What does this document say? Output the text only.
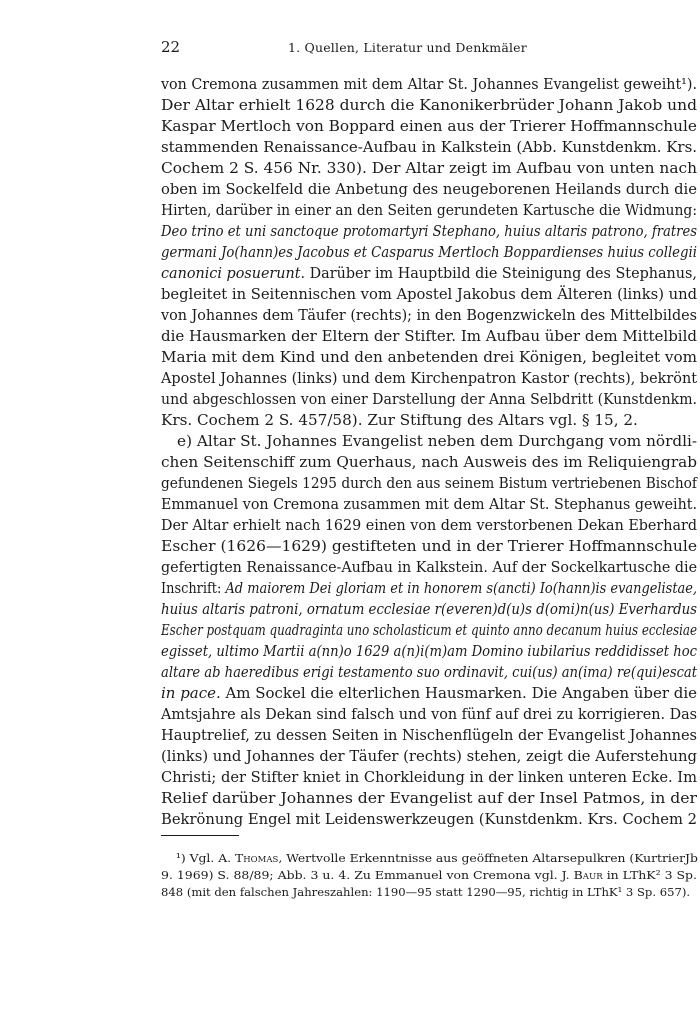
22	1. Quellen, Literatur und Denkmäler
von Cremona zusammen mit dem Altar St. Johannes Evangelist geweiht¹).
Der Altar erhielt 1628 durch die Kanonikerbrüder Johann Jakob und
Kaspar Mertloch von Boppard einen aus der Trierer Hoffmannschule
stammenden Renaissance-Aufbau in Kalkstein (Abb. Kunstdenkm. Krs.
Cochem 2 S. 456 Nr. 330). Der Altar zeigt im Aufbau von unten nach
oben im Sockelfeld die Anbetung des neugeborenen Heilands durch die
Hirten, darüber in einer an den Seiten gerundeten Kartusche die Widmung:
Deo trino et uni sanctoque protomartyri Stephano, huius altaris patrono, fratres
germani Jo(hann)es Jacobus et Casparus Mertloch Boppardienses huius collegii
canonici posuerunt. Darüber im Hauptbild die Steinigung des Stephanus,
begleitet in Seitennischen vom Apostel Jakobus dem Älteren (links) und
von Johannes dem Täufer (rechts); in den Bogenzwickeln des Mittelbildes
die Hausmarken der Eltern der Stifter. Im Aufbau über dem Mittelbild
Maria mit dem Kind und den anbetenden drei Königen, begleitet vom
Apostel Johannes (links) und dem Kirchenpatron Kastor (rechts), bekrönt
und abgeschlossen von einer Darstellung der Anna Selbdritt (Kunstdenkm.
Krs. Cochem 2 S. 457/58). Zur Stiftung des Altars vgl. § 15, 2.
e) Altar St. Johannes Evangelist neben dem Durchgang vom nördli-
chen Seitenschiff zum Querhaus, nach Ausweis des im Reliquiengrab
gefundenen Siegels 1295 durch den aus seinem Bistum vertriebenen Bischof
Emmanuel von Cremona zusammen mit dem Altar St. Stephanus geweiht.
Der Altar erhielt nach 1629 einen von dem verstorbenen Dekan Eberhard
Escher (1626—1629) gestifteten und in der Trierer Hoffmannschule
gefertigten Renaissance-Aufbau in Kalkstein. Auf der Sockelkartusche die
Inschrift: Ad maiorem Dei gloriam et in honorem s(ancti) Io(hann)is evangelistae,
huius altaris patroni, ornatum ecclesiae r(everen)d(u)s d(omi)n(us) Everhardus
Escher postquam quadraginta uno scholasticum et quinto anno decanum huius ecclesiae
egisset, ultimo Martii a(nn)o 1629 a(n)i(m)am Domino iubilarius reddidisset hoc
altare ab haeredibus erigi testamento suo ordinavit, cui(us) an(ima) re(qui)escat
in pace. Am Sockel die elterlichen Hausmarken. Die Angaben über die
Amtsjahre als Dekan sind falsch und von fünf auf drei zu korrigieren. Das
Hauptrelief, zu dessen Seiten in Nischenflügeln der Evangelist Johannes
(links) und Johannes der Täufer (rechts) stehen, zeigt die Auferstehung
Christi; der Stifter kniet in Chorkleidung in der linken unteren Ecke. Im
Relief darüber Johannes der Evangelist auf der Insel Patmos, in der
Bekrönung Engel mit Leidenswerkzeugen (Kunstdenkm. Krs. Cochem 2
¹) Vgl. A. Thomas, Wertvolle Erkenntnisse aus geöffneten Altarsepulkren (KurtrierJb
9. 1969) S. 88/89; Abb. 3 u. 4. Zu Emmanuel von Cremona vgl. J. Baur in LThK² 3 Sp.
848 (mit den falschen Jahreszahlen: 1190—95 statt 1290—95, richtig in LThK¹ 3 Sp. 657).
